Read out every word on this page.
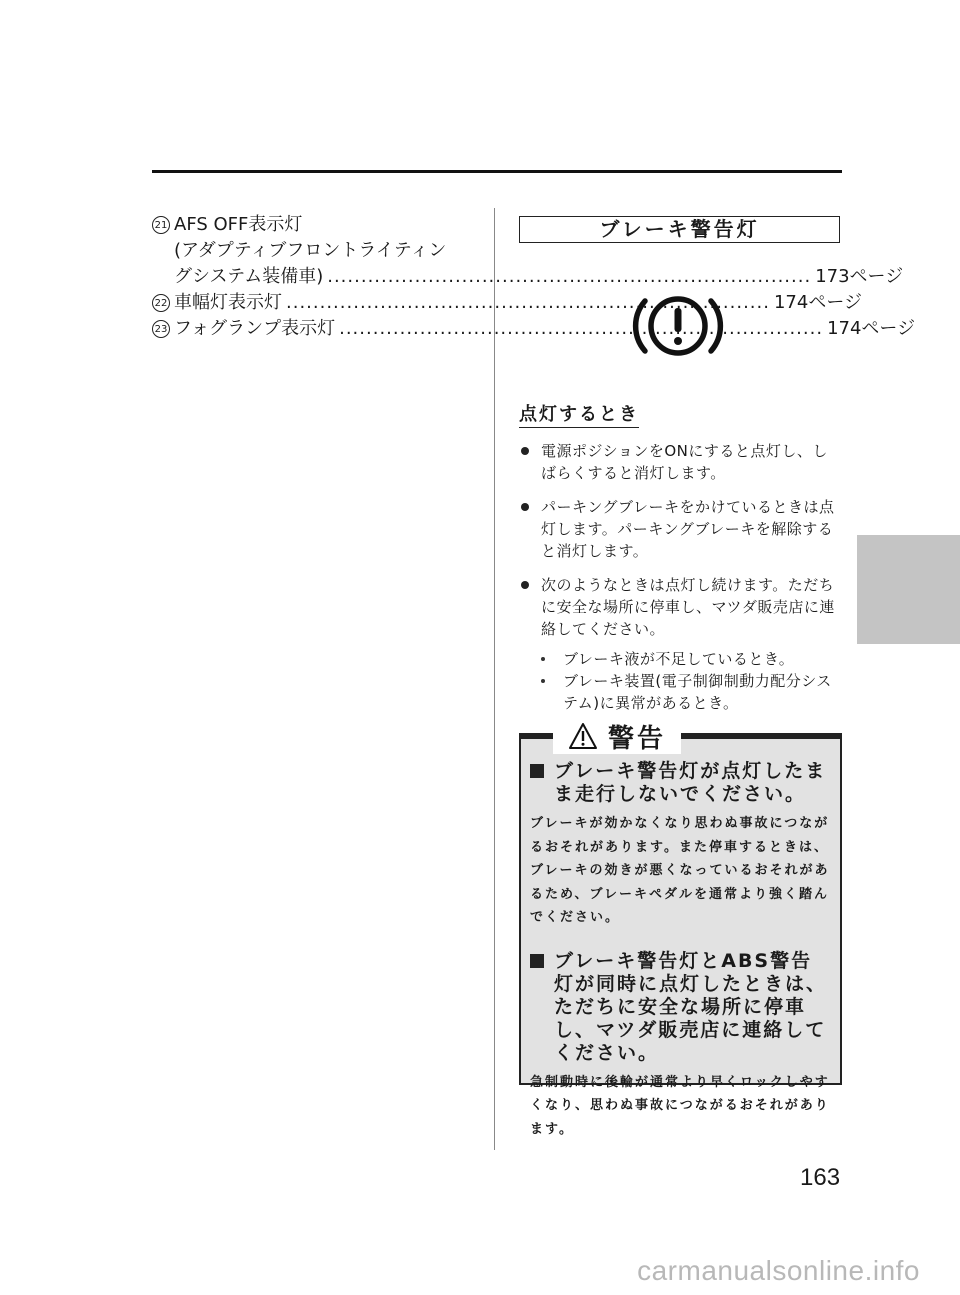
21 AFS OFF表示灯
(アダプティブフロントライティン
グシステム装備車) .....	173ページ
22 車幅灯表示灯 .....	174ページ
23 フォグランプ表示灯 .....	174ページ
ブレーキ警告灯
点灯するとき
電源ポジションをONにすると点灯し、しばらくすると消灯します。
パーキングブレーキをかけているときは点灯します。パーキングブレーキを解除すると消灯します。
次のようなときは点灯し続けます。ただちに安全な場所に停車し、マツダ販売店に連絡してください。
ブレーキ液が不足しているとき。
ブレーキ装置(電子制御制動力配分システム)に異常があるとき。
警告
ブレーキ警告灯が点灯したまま走行しないでください。
ブレーキが効かなくなり思わぬ事故につながるおそれがあります。また停車するときは、ブレーキの効きが悪くなっているおそれがあるため、ブレーキペダルを通常より強く踏んでください。
ブレーキ警告灯とABS警告灯が同時に点灯したときは、ただちに安全な場所に停車し、マツダ販売店に連絡してください。
急制動時に後輪が通常より早くロックしやすくなり、思わぬ事故につながるおそれがあります。
163
carmanualsonline.info
